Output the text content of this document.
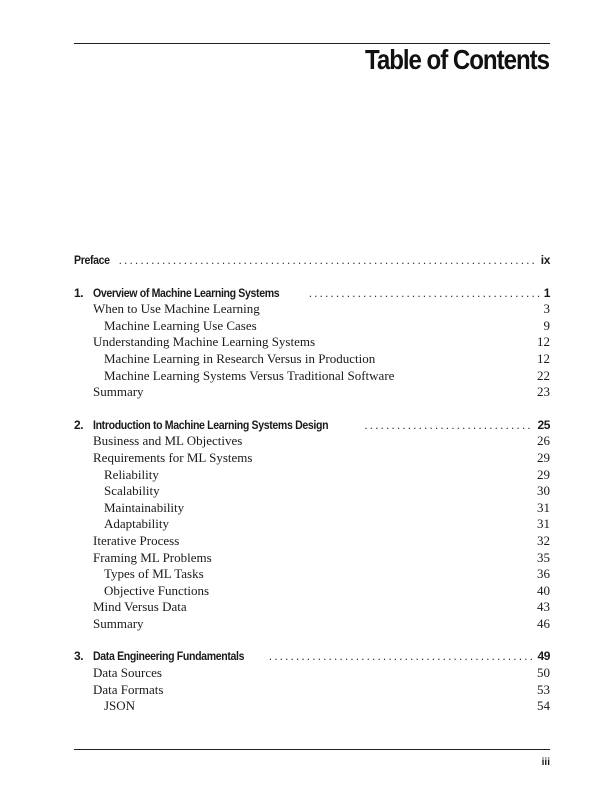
Table of Contents
Preface .....	ix
1. Overview of Machine Learning Systems .....	1
When to Use Machine Learning	3
Machine Learning Use Cases	9
Understanding Machine Learning Systems	12
Machine Learning in Research Versus in Production	12
Machine Learning Systems Versus Traditional Software	22
Summary	23
2. Introduction to Machine Learning Systems Design .....	25
Business and ML Objectives	26
Requirements for ML Systems	29
Reliability	29
Scalability	30
Maintainability	31
Adaptability	31
Iterative Process	32
Framing ML Problems	35
Types of ML Tasks	36
Objective Functions	40
Mind Versus Data	43
Summary	46
3. Data Engineering Fundamentals .....	49
Data Sources	50
Data Formats	53
JSON	54
iii
